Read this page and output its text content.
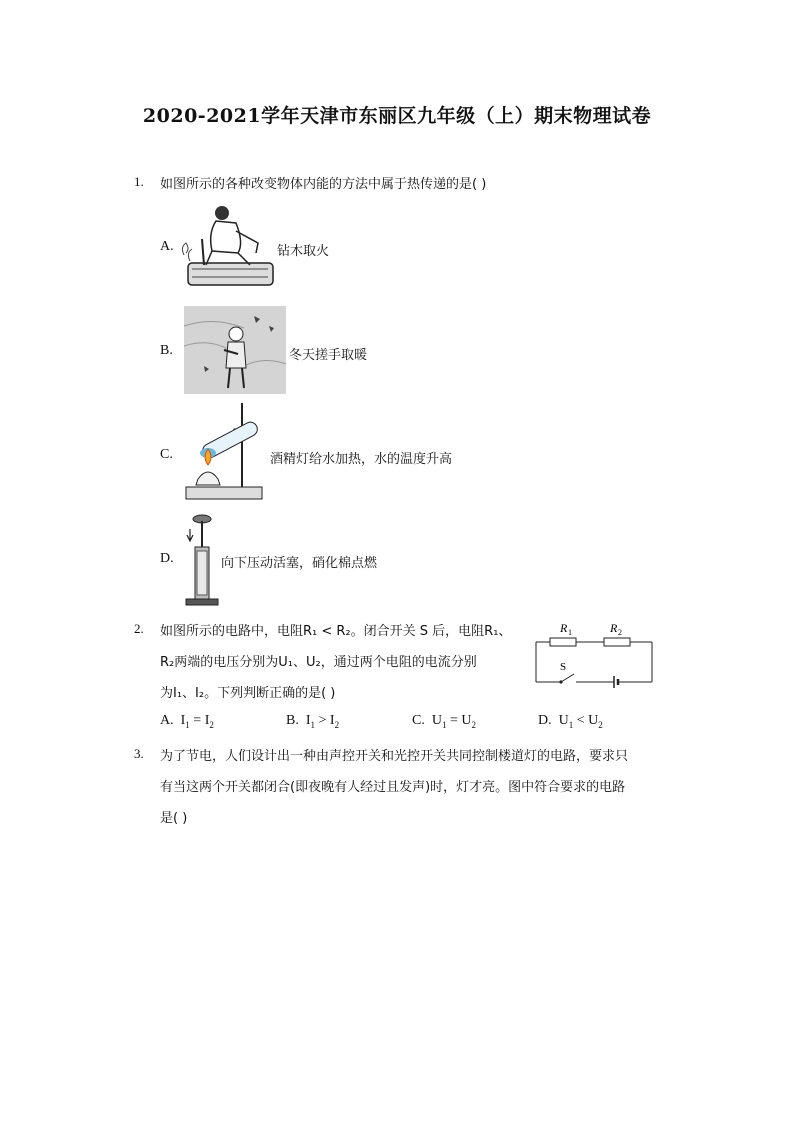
2020-2021学年天津市东丽区九年级（上）期末物理试卷
1. 如图所示的各种改变物体内能的方法中属于热传递的是( )
A.	钻木取火
B.	冬天搓手取暖
C.	酒精灯给水加热，水的温度升高
D.	向下压动活塞，硝化棉点燃
2. 如图所示的电路中，电阻R₁ < R₂。闭合开关 S 后，电阻R₁、
R₂两端的电压分别为U₁、U₂，通过两个电阻的电流分别
为I₁、I₂。下列判断正确的是( )
R 1	R 2
S
A. $I_1 = I_2$	B. $I_1 > I_2$	C. $U_1 = U_2$	D. $U_1 < U_2$
3. 为了节电，人们设计出一种由声控开关和光控开关共同控制楼道灯的电路，要求只
有当这两个开关都闭合(即夜晚有人经过且发声)时，灯才亮。图中符合要求的电路
是( )
